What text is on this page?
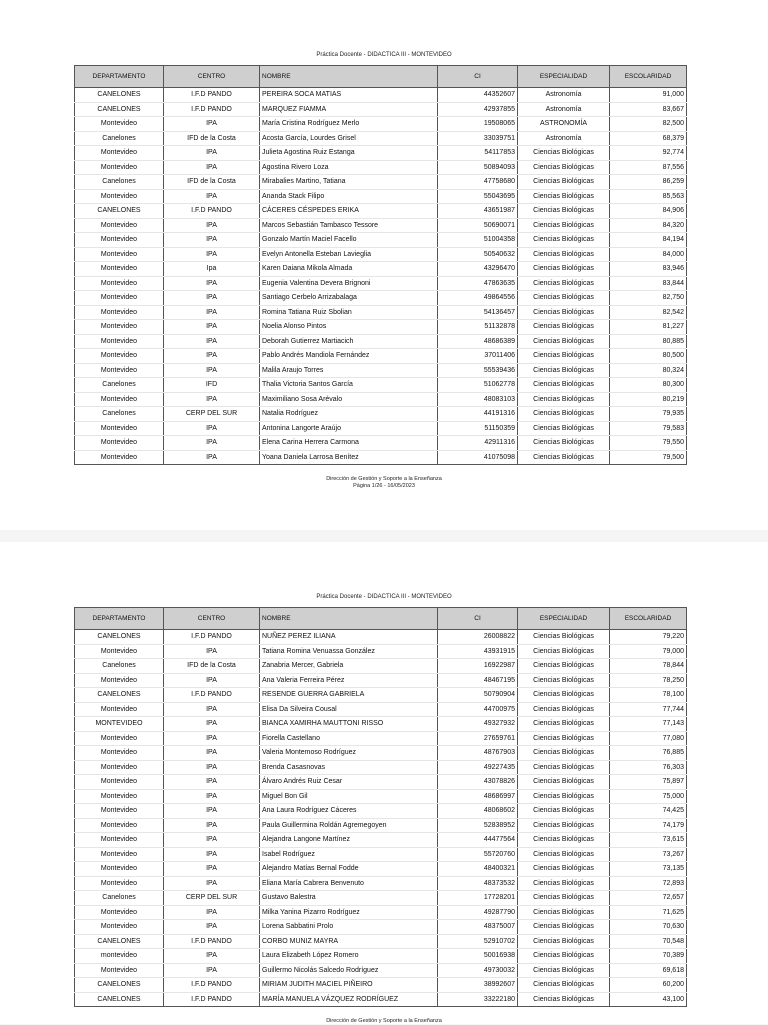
Práctica Docente - DIDACTICA III - MONTEVIDEO
DEPARTAMENTO	CENTRO	NOMBRE	CI	ESPECIALIDAD	ESCOLARIDAD
CANELONES	I.F.D PANDO	PEREIRA SOCA MATIAS	44352607	Astronomía	91,000
CANELONES	I.F.D PANDO	MARQUEZ FIAMMA	42937855	Astronomía	83,667
Montevideo	IPA	María Cristina Rodríguez Merlo	19508065	ASTRONOMÍA	82,500
Canelones	IFD de la Costa	Acosta García, Lourdes Grisel	33039751	Astronomía	68,379
Montevideo	IPA	Julieta Agostina Ruiz Estanga	54117853	Ciencias Biológicas	92,774
Montevideo	IPA	Agostina Rivero Loza	50894093	Ciencias Biológicas	87,556
Canelones	IFD de la Costa	Mirabalies Martino, Tatiana	47758680	Ciencias Biológicas	86,259
Montevideo	IPA	Ananda Stack Filipo	55043695	Ciencias Biológicas	85,563
CANELONES	I.F.D PANDO	CÁCERES CÉSPEDES ERIKA	43651987	Ciencias Biológicas	84,906
Montevideo	IPA	Marcos Sebastián Tambasco Tessore	50690071	Ciencias Biológicas	84,320
Montevideo	IPA	Gonzalo Martín Maciel Facello	51004358	Ciencias Biológicas	84,194
Montevideo	IPA	Evelyn Antonella Esteban Lavieglia	50540632	Ciencias Biológicas	84,000
Montevideo	Ipa	Karen Daiana Mikola Almada	43296470	Ciencias Biológicas	83,946
Montevideo	IPA	Eugenia Valentina Devera Brignoni	47863635	Ciencias Biológicas	83,844
Montevideo	IPA	Santiago Cerbelo Arrizabalaga	49864556	Ciencias Biológicas	82,750
Montevideo	IPA	Romina Tatiana Ruiz Sbolian	54136457	Ciencias Biológicas	82,542
Montevideo	IPA	Noelia Alonso Pintos	51132878	Ciencias Biológicas	81,227
Montevideo	IPA	Deborah Gutierrez Martiacich	48686389	Ciencias Biológicas	80,885
Montevideo	IPA	Pablo Andrés Mandiola Fernández	37011406	Ciencias Biológicas	80,500
Montevideo	IPA	Malila Araujo Torres	55539436	Ciencias Biológicas	80,324
Canelones	IFD	Thalia Victoria Santos García	51062778	Ciencias Biológicas	80,300
Montevideo	IPA	Maximiliano Sosa Arévalo	48083103	Ciencias Biológicas	80,219
Canelones	CERP DEL SUR	Natalia Rodríguez	44191316	Ciencias Biológicas	79,935
Montevideo	IPA	Antonina Langorte Araújo	51150359	Ciencias Biológicas	79,583
Montevideo	IPA	Elena Carina Herrera Carmona	42911316	Ciencias Biológicas	79,550
Montevideo	IPA	Yoana Daniela Larrosa Benítez	41075098	Ciencias Biológicas	79,500
Dirección de Gestión y Soporte a la Enseñanza
Página 1/26 - 16/05/2023
Práctica Docente - DIDACTICA III - MONTEVIDEO
DEPARTAMENTO	CENTRO	NOMBRE	CI	ESPECIALIDAD	ESCOLARIDAD
CANELONES	I.F.D PANDO	NUÑEZ PEREZ ILIANA	26008822	Ciencias Biológicas	79,220
Montevideo	IPA	Tatiana Romina Venuassa González	43931915	Ciencias Biológicas	79,000
Canelones	IFD de la Costa	Zanabria Mercer, Gabriela	16922987	Ciencias Biológicas	78,844
Montevideo	IPA	Ana Valeria Ferreira Pérez	48467195	Ciencias Biológicas	78,250
CANELONES	I.F.D PANDO	RESENDE GUERRA GABRIELA	50790904	Ciencias Biológicas	78,100
Montevideo	IPA	Elisa Da Silveira Cousal	44700975	Ciencias Biológicas	77,744
MONTEVIDEO	IPA	BIANCA XAMIRHA MAUTTONI RISSO	49327932	Ciencias Biológicas	77,143
Montevideo	IPA	Fiorella Castellano	27659761	Ciencias Biológicas	77,080
Montevideo	IPA	Valeria Montemoso Rodríguez	48767903	Ciencias Biológicas	76,885
Montevideo	IPA	Brenda Casasnovas	49227435	Ciencias Biológicas	76,303
Montevideo	IPA	Álvaro Andrés Ruiz Cesar	43078826	Ciencias Biológicas	75,897
Montevideo	IPA	Miguel Bon Gil	48686997	Ciencias Biológicas	75,000
Montevideo	IPA	Ana Laura Rodríguez Cáceres	48068602	Ciencias Biológicas	74,425
Montevideo	IPA	Paula Guillermina Roldán Agremegoyen	52838952	Ciencias Biológicas	74,179
Montevideo	IPA	Alejandra Langone Martínez	44477564	Ciencias Biológicas	73,615
Montevideo	IPA	Isabel Rodríguez	55720760	Ciencias Biológicas	73,267
Montevideo	IPA	Alejandro Matías Bernal Fodde	48400321	Ciencias Biológicas	73,135
Montevideo	IPA	Eliana María Cabrera Benvenuto	48373532	Ciencias Biológicas	72,893
Canelones	CERP DEL SUR	Gustavo Balestra	17728201	Ciencias Biológicas	72,657
Montevideo	IPA	Milka Yanina Pizarro Rodríguez	49287790	Ciencias Biológicas	71,625
Montevideo	IPA	Lorena Sabbatini Prolo	48375007	Ciencias Biológicas	70,630
CANELONES	I.F.D PANDO	CORBO MUNIZ MAYRA	52910702	Ciencias Biológicas	70,548
montevideo	IPA	Laura Elizabeth López Romero	50016938	Ciencias Biológicas	70,389
Montevideo	IPA	Guillermo Nicolás Salcedo Rodríguez	49730032	Ciencias Biológicas	69,618
CANELONES	I.F.D PANDO	MIRIAM JUDITH MACIEL PIÑEIRO	38992607	Ciencias Biológicas	60,200
CANELONES	I.F.D PANDO	MARÍA MANUELA VÁZQUEZ RODRÍGUEZ	33222180	Ciencias Biológicas	43,100
Dirección de Gestión y Soporte a la Enseñanza
